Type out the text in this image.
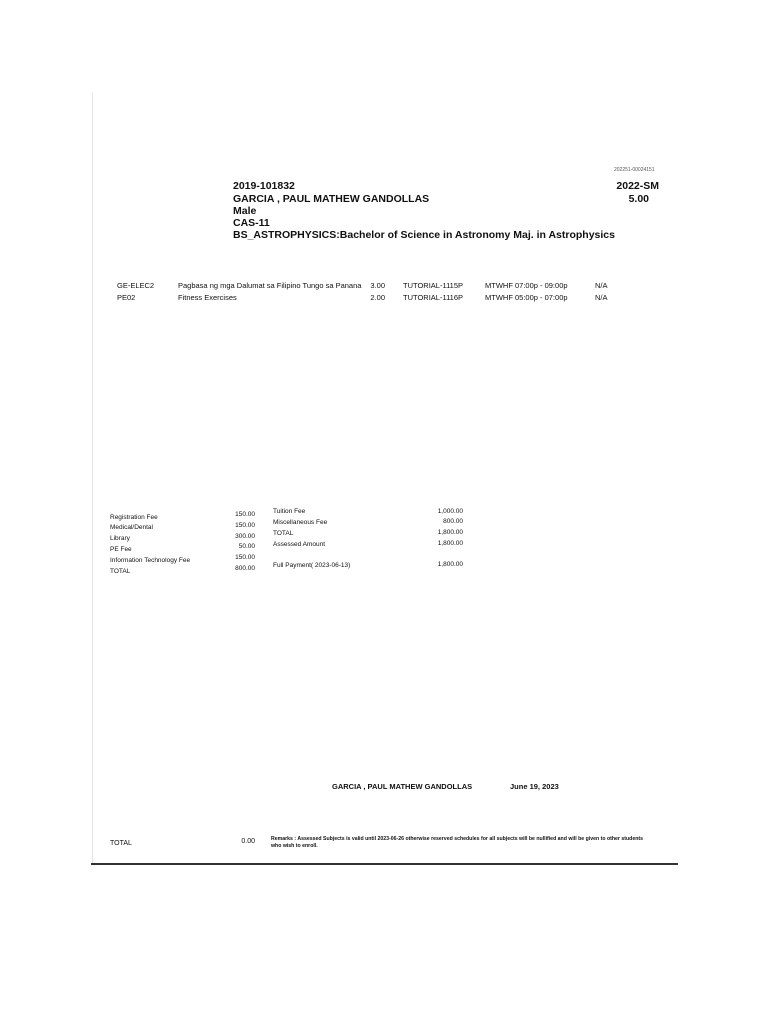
202251-00024151
2019-101832
GARCIA , PAUL MATHEW GANDOLLAS
Male
CAS-11
BS_ASTROPHYSICS:Bachelor of Science in Astronomy Maj. in Astrophysics
2022-SM
5.00
GE-ELEC2	Pagbasa ng mga Dalumat sa Filipino Tungo sa Panana	3.00 TUTORIAL-1115P	MTWHF 07:00p - 09:00p	N/A
PE02	Fitness Exercises	2.00 TUTORIAL-1116P	MTWHF 05:00p - 07:00p	N/A
Registration Fee	150.00
Medical/Dental	150.00
Library	300.00
PE Fee	50.00
Information Technology Fee	150.00
TOTAL	800.00
Tuition Fee	1,000.00
Miscellaneous Fee	800.00
TOTAL	1,800.00
Assessed Amount	1,800.00
Full Payment( 2023-06-13)	1,800.00
GARCIA , PAUL MATHEW GANDOLLAS	June 19, 2023
TOTAL	0.00	Remarks : Assessed Subjects is valid until 2023-06-26 otherwise reserved schedules for all subjects will be nullified and will be given to other students who wish to enroll.
